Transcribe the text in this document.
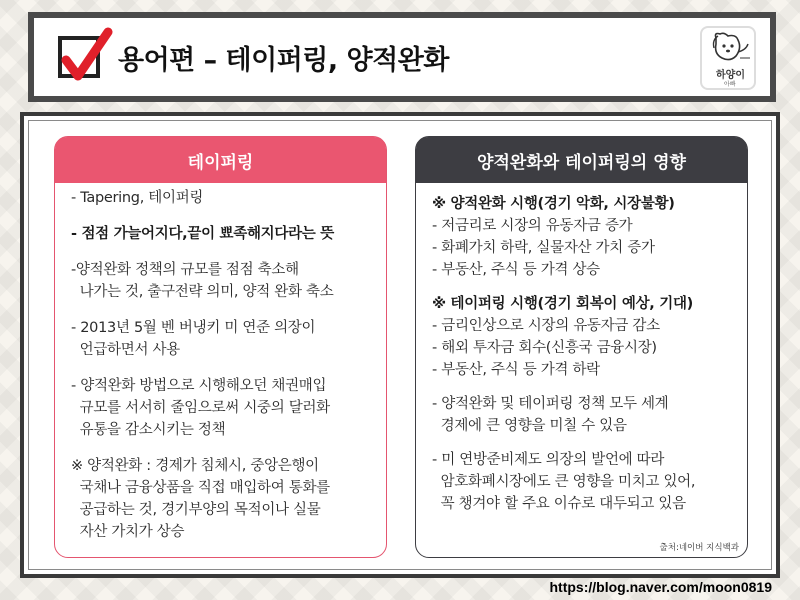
용어편 – 테이퍼링, 양적완화	하양이
아빠
테이퍼링
- Tapering, 테이퍼링
- 점점 가늘어지다,끝이 뾰족해지다라는 뜻
-양적완화 정책의 규모를 점점 축소해
나가는 것, 출구전략 의미, 양적 완화 축소
- 2013년 5월 벤 버냉키 미 연준 의장이
언급하면서 사용
- 양적완화 방법으로 시행해오던 채권매입
규모를 서서히 줄임으로써 시중의 달러화
유통을 감소시키는 정책
※ 양적완화 : 경제가 침체시, 중앙은행이
국채나 금융상품을 직접 매입하여 통화를
공급하는 것, 경기부양의 목적이나 실물
자산 가치가 상승
양적완화와 테이퍼링의 영향
※ 양적완화 시행(경기 악화, 시장불황)
- 저금리로 시장의 유동자금 증가
- 화폐가치 하락, 실물자산 가치 증가
- 부동산, 주식 등 가격 상승
※ 테이퍼링 시행(경기 회복이 예상, 기대)
- 금리인상으로 시장의 유동자금 감소
- 해외 투자금 회수(신흥국 금융시장)
- 부동산, 주식 등 가격 하락
- 양적완화 및 테이퍼링 정책 모두 세계
경제에 큰 영향을 미칠 수 있음
- 미 연방준비제도 의장의 발언에 따라
암호화폐시장에도 큰 영향을 미치고 있어,
꼭 챙겨야 할 주요 이슈로 대두되고 있음
출처:네이버 지식백과
https://blog.naver.com/moon0819
